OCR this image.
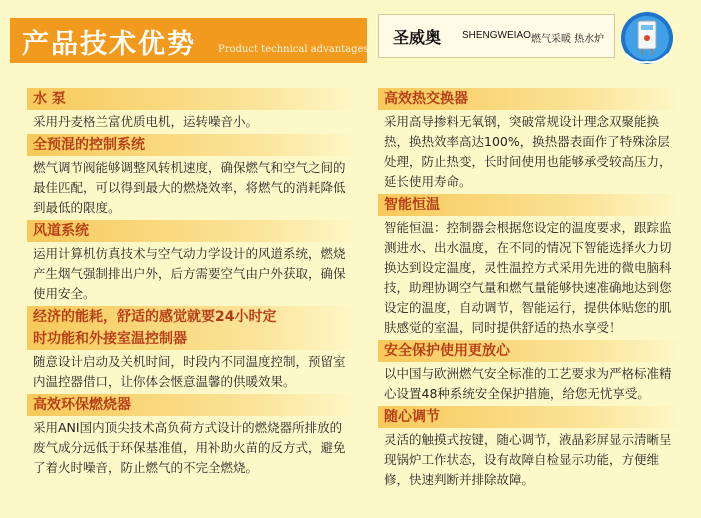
产品技术优势 Product technical advantages
圣威奥 SHENGWEIAO 燃气采暖 热水炉
水 泵
采用丹麦格兰富优质电机，运转噪音小。
全预混的控制系统
燃气调节阀能够调整风转机速度，确保燃气和空气之间的最佳匹配，可以得到最大的燃烧效率，将燃气的消耗降低到最低的限度。
风道系统
运用计算机仿真技术与空气动力学设计的风道系统，燃烧产生烟气强制排出户外，后方需要空气由户外获取，确保使用安全。
经济的能耗，舒适的感觉就要24小时定
时功能和外接室温控制器
随意设计启动及关机时间，时段内不同温度控制，预留室内温控器借口，让你体会惬意温馨的供暖效果。
高效环保燃烧器
采用ANI国内顶尖技术高负荷方式设计的燃烧器所排放的废气成分远低于环保基准值，用补助火苗的反方式，避免了着火时噪音，防止燃气的不完全燃烧。
高效热交换器
采用高导掺料无氧钢，突破常规设计理念双聚能换热，换热效率高达100%，换热器表面作了特殊涂层处理，防止热变，长时间使用也能够承受较高压力，延长使用寿命。
智能恒温
智能恒温：控制器会根据您设定的温度要求，跟踪监测进水、出水温度，在不同的情况下智能选择火力切换达到设定温度，灵性温控方式采用先进的微电脑科技，助理协调空气量和燃气量能够快速准确地达到您设定的温度，自动调节，智能运行，提供体贴您的肌肤感觉的室温，同时提供舒适的热水享受！
安全保护使用更放心
以中国与欧洲燃气安全标准的工艺要求为严格标准精心设置48种系统安全保护措施，给您无忧享受。
随心调节
灵活的触摸式按键，随心调节，液晶彩屏显示清晰呈现锅炉工作状态，设有故障自检显示功能，方便维修，快速判断并排除故障。
